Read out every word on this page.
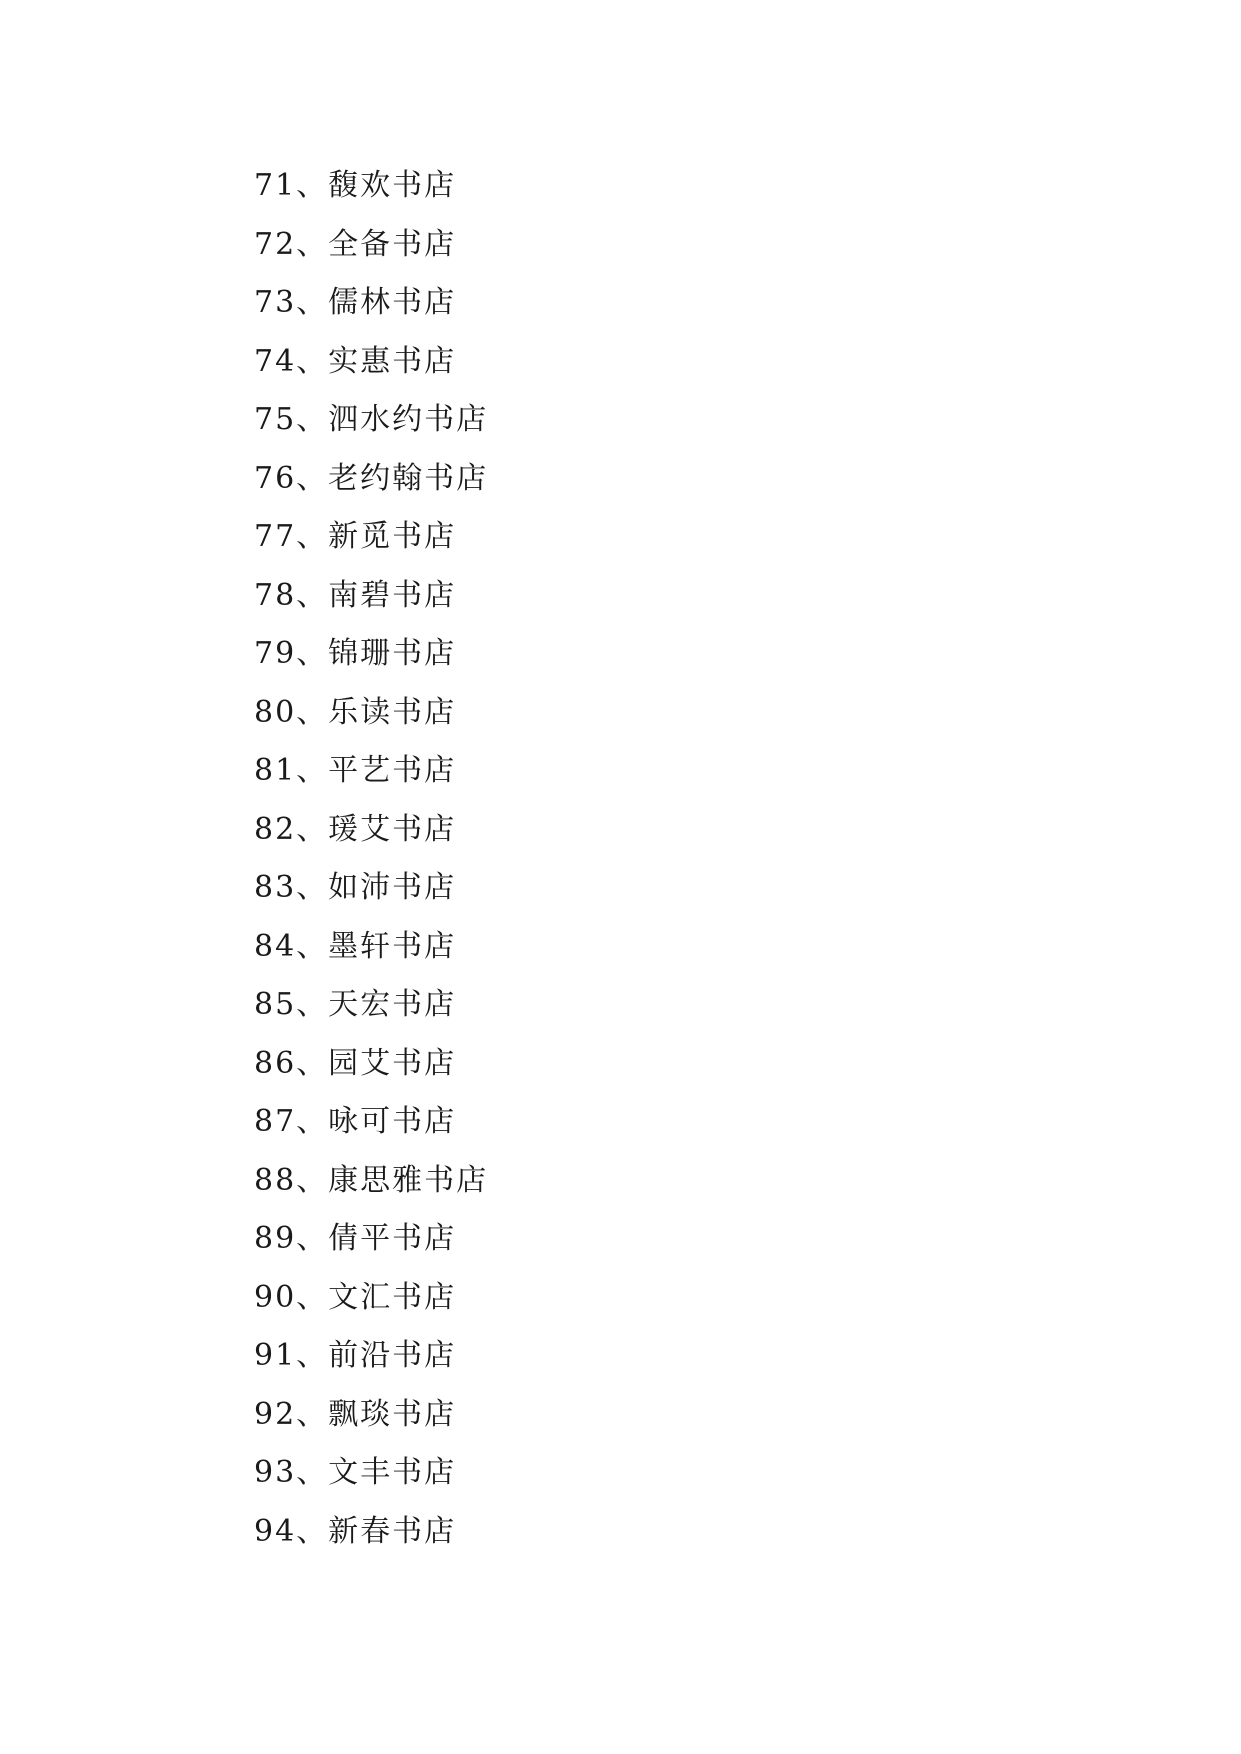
71、馥欢书店
72、全备书店
73、儒林书店
74、实惠书店
75、泗水约书店
76、老约翰书店
77、新觅书店
78、南碧书店
79、锦珊书店
80、乐读书店
81、平艺书店
82、瑗艾书店
83、如沛书店
84、墨轩书店
85、天宏书店
86、园艾书店
87、咏可书店
88、康思雅书店
89、倩平书店
90、文汇书店
91、前沿书店
92、飘琰书店
93、文丰书店
94、新春书店
